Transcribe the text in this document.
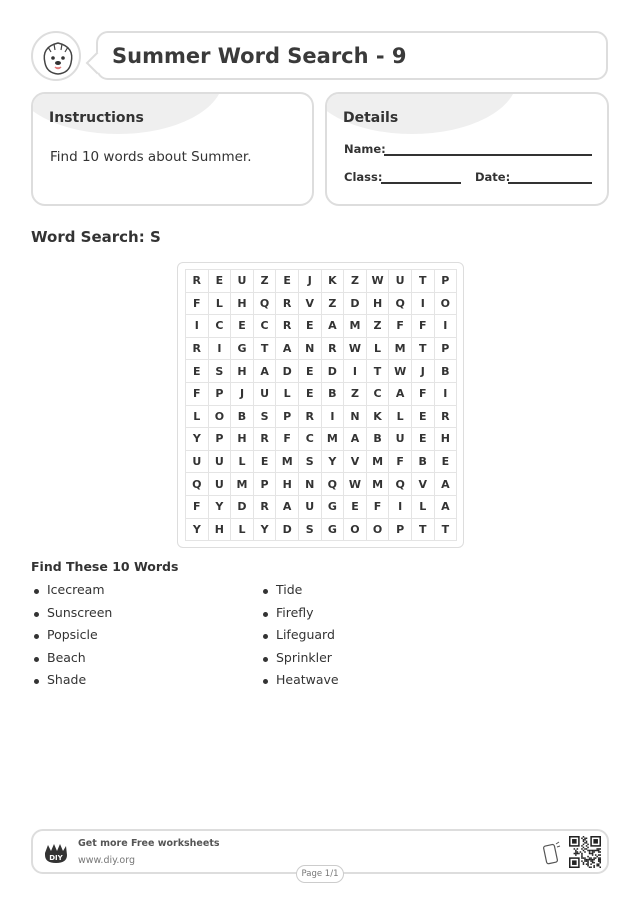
Summer Word Search - 9
Instructions

Find 10 words about Summer.

Details
Name:
Class:	Date:
Word Search: S
R	E	U	Z	E	J	K	Z	W	U	T	P
F	L	H	Q	R	V	Z	D	H	Q	I	O
I	C	E	C	R	E	A	M	Z	F	F	I
R	I	G	T	A	N	R	W	L	M	T	P
E	S	H	A	D	E	D	I	T	W	J	B
F	P	J	U	L	E	B	Z	C	A	F	I
L	O	B	S	P	R	I	N	K	L	E	R
Y	P	H	R	F	C	M	A	B	U	E	H
U	U	L	E	M	S	Y	V	M	F	B	E
Q	U	M	P	H	N	Q	W	M	Q	V	A
F	Y	D	R	A	U	G	E	F	I	L	A
Y	H	L	Y	D	S	G	O	O	P	T	T
Find These 10 Words
Icecream
Sunscreen
Popsicle
Beach
Shade
Tide
Firefly
Lifeguard
Sprinkler
Heatwave
DIY
Get more Free worksheets
www.diy.org
Page 1/1
